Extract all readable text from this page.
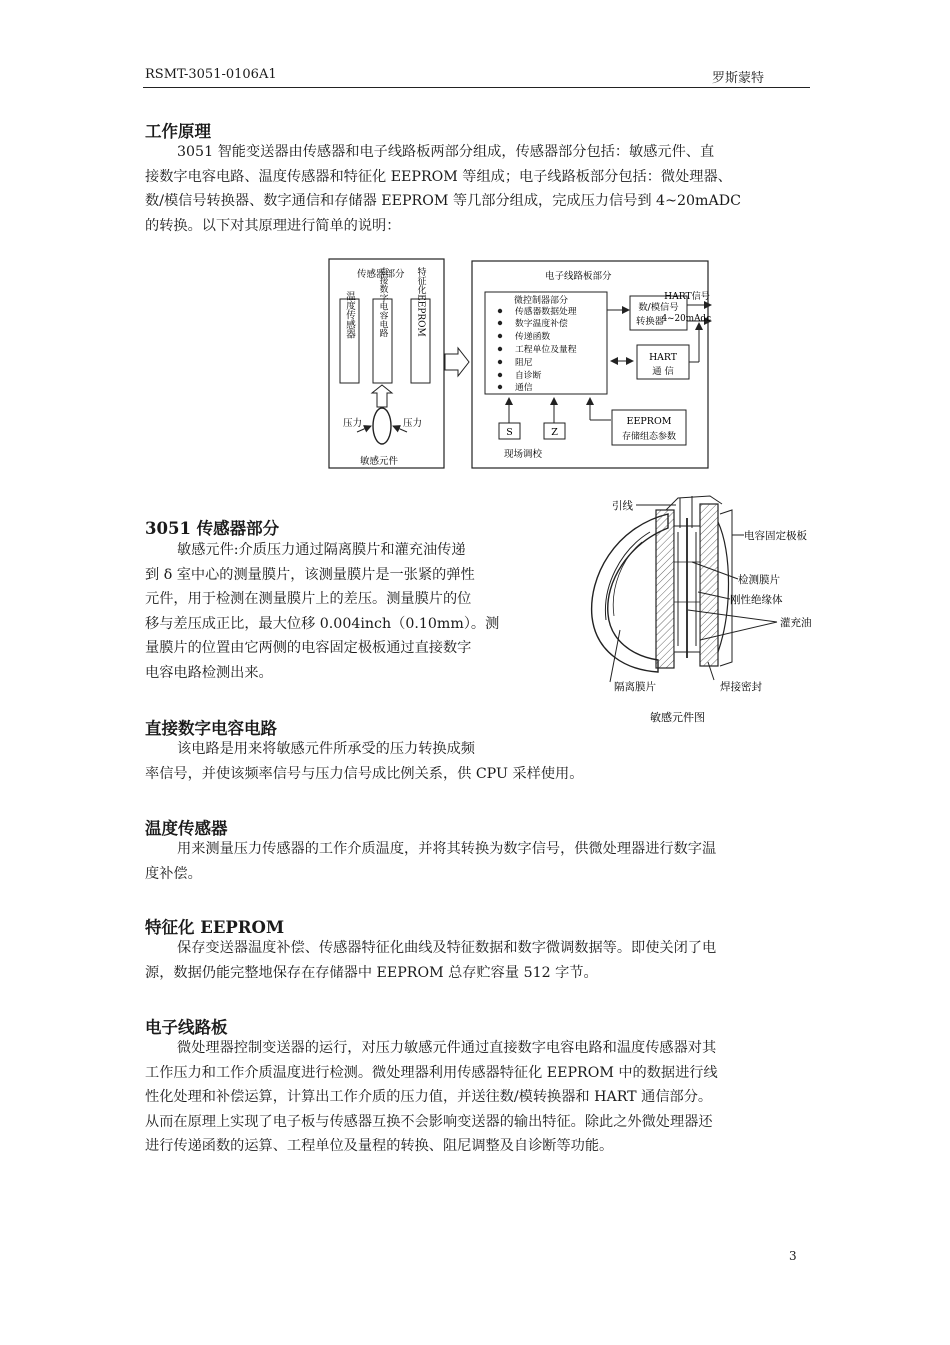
RSMT-3051-0106A1	罗斯蒙特
工作原理
3051 智能变送器由传感器和电子线路板两部分组成，传感器部分包括：敏感元件、直
接数字电容电路、温度传感器和特征化 EEPROM 等组成；电子线路板部分包括：微处理器、
数/模信号转换器、数字通信和存储器 EEPROM 等几部分组成，完成压力信号到 4~20mADC
的转换。以下对其原理进行简单的说明：
传感器部分
温度传感器	直接数字电容电路	特征化EEPROM
压力	压力
敏感元件
电子线路板部分
微控制器部分
传感器数据处理
数字温度补偿
传递函数
工程单位及量程
阻尼
自诊断
通信
数/模信号
转换器
HART信号
4~20mAdc
HART
通 信
S	Z
现场调校
EEPROM
存储组态参数
3051 传感器部分
敏感元件:介质压力通过隔离膜片和灌充油传递
到 δ 室中心的测量膜片，该测量膜片是一张紧的弹性
元件，用于检测在测量膜片上的差压。测量膜片的位
移与差压成正比，最大位移 0.004inch（0.10mm）。测
量膜片的位置由它两侧的电容固定极板通过直接数字
电容电路检测出来。
引线
电容固定极板
检测膜片
刚性绝缘体
灌充油
隔离膜片	焊接密封
敏感元件图
直接数字电容电路
该电路是用来将敏感元件所承受的压力转换成频
率信号，并使该频率信号与压力信号成比例关系，供 CPU 采样使用。
温度传感器
用来测量压力传感器的工作介质温度，并将其转换为数字信号，供微处理器进行数字温
度补偿。
特征化 EEPROM
保存变送器温度补偿、传感器特征化曲线及特征数据和数字微调数据等。即使关闭了电
源，数据仍能完整地保存在存储器中 EEPROM 总存贮容量 512 字节。
电子线路板
微处理器控制变送器的运行，对压力敏感元件通过直接数字电容电路和温度传感器对其
工作压力和工作介质温度进行检测。微处理器利用传感器特征化 EEPROM 中的数据进行线
性化处理和补偿运算，计算出工作介质的压力值，并送往数/模转换器和 HART 通信部分。
从而在原理上实现了电子板与传感器互换不会影响变送器的输出特征。除此之外微处理器还
进行传递函数的运算、工程单位及量程的转换、阻尼调整及自诊断等功能。
3
